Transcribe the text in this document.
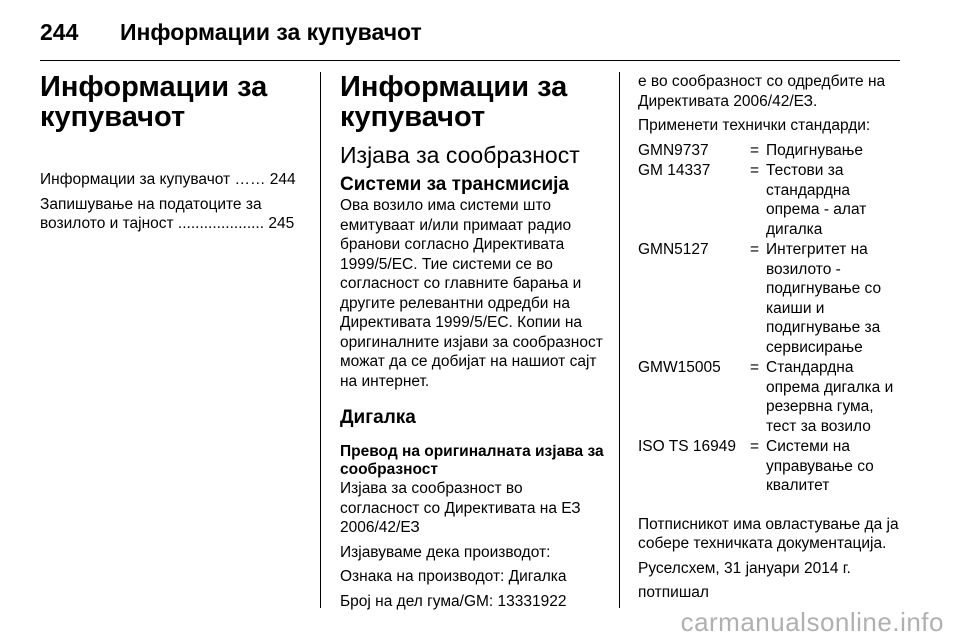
244	Информации за купувачот
Информации за купувачот
Информации за купувачот …… 244
Запишување на податоците за возилото и тајност .................... 245
Информации за купувачот
Изјава за сообразност
Системи за трансмисија

Ова возило има системи што емитуваат и/или примаат радио бранови согласно Директивата 1999/5/ЕС. Тие системи се во согласност со главните барања и другите релевантни одредби на Директивата 1999/5/ЕС. Копии на оригиналните изјави за сообразност можат да се добијат на нашиот сајт на интернет.

Дигалка
Превод на оригиналната изјава за сообразност

Изјава за сообразност во согласност со Директивата на ЕЗ 2006/42/ЕЗ

Изјавуваме дека производот:

Ознака на производот: Дигалка

Број на дел гума/GM: 13331922

е во сообразност со одредбите на Директивата 2006/42/ЕЗ.

Применети технички стандарди:

GMN9737	=	Подигнување
GM 14337	=	Тестови за стандардна опрема - алат дигалка
GMN5127	=	Интегритет на возилото - подигнување со каиши и подигнување за сервисирање
GMW15005	=	Стандардна опрема дигалка и резервна гума, тест за возило
ISO TS 16949	=	Системи на управување со квалитет

Потписникот има овластување да ја собере техничката документација.

Руселсхем, 31 јануари 2014 г.

потпишал

carmanualsonline.info
